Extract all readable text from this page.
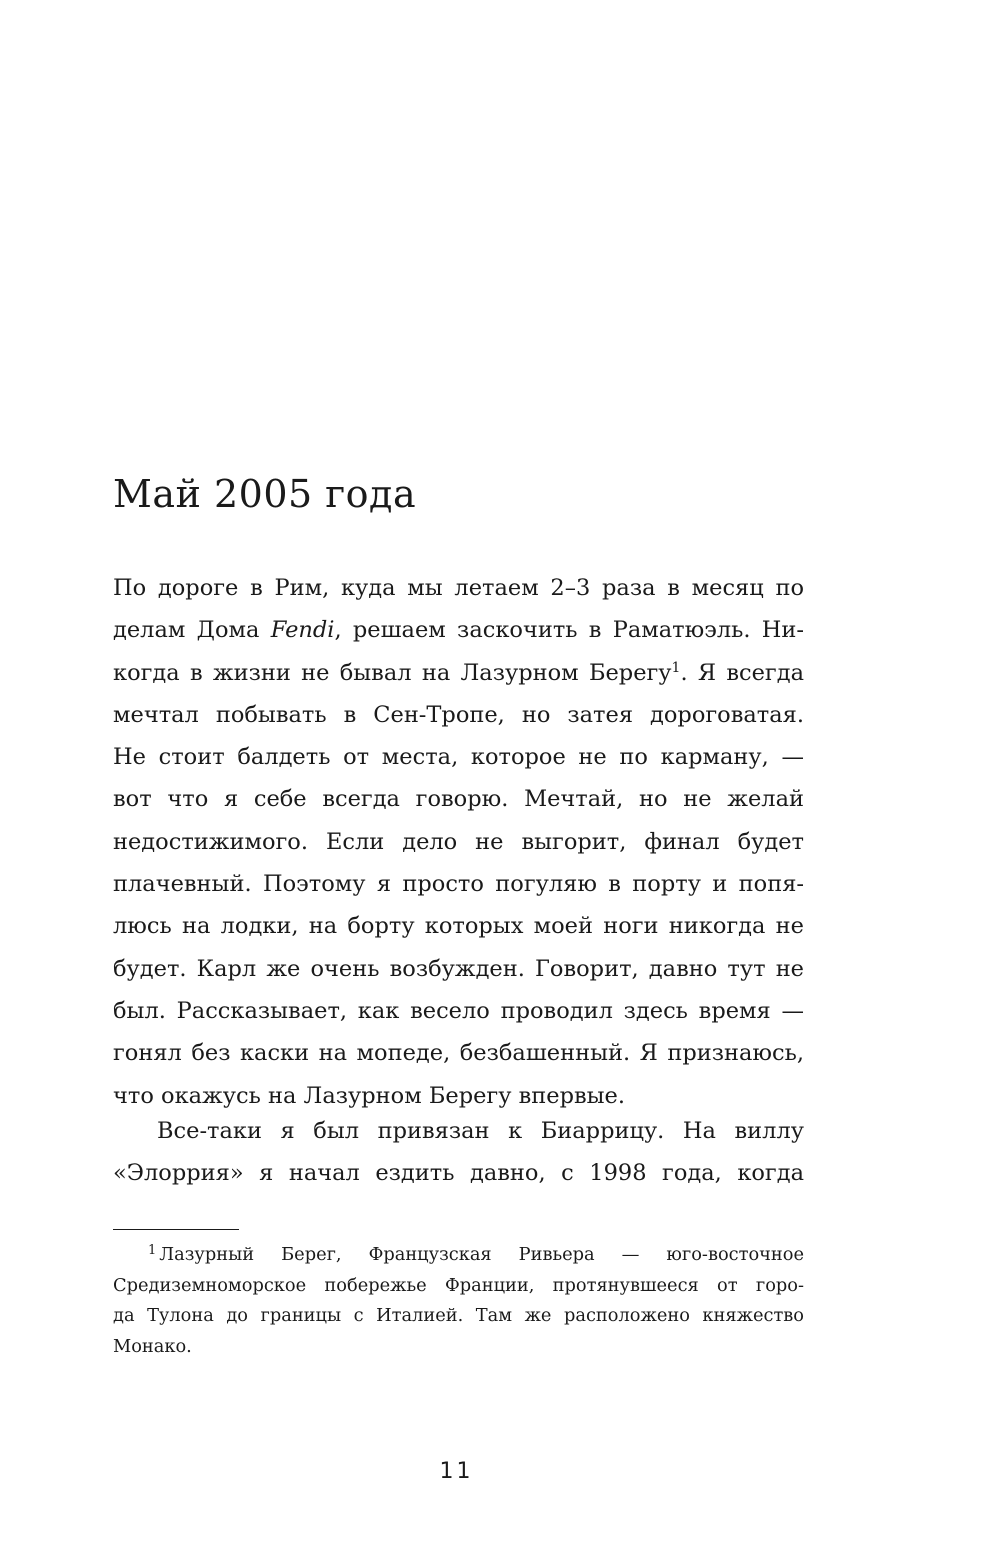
Май 2005 года
По дороге в Рим, куда мы летаем 2–3 раза в месяц по
делам Дома Fendi, решаем заскочить в Раматюэль. Ни-
когда в жизни не бывал на Лазурном Берегу$^1$. Я всегда
мечтал побывать в Сен-Тропе, но затея дороговатая.
Не стоит балдеть от места, которое не по карману, —
вот что я себе всегда говорю. Мечтай, но не желай
недостижимого. Если дело не выгорит, финал будет
плачевный. Поэтому я просто погуляю в порту и попя-
люсь на лодки, на борту которых моей ноги никогда не
будет. Карл же очень возбужден. Говорит, давно тут не
был. Рассказывает, как весело проводил здесь время —
гонял без каски на мопеде, безбашенный. Я признаюсь,
что окажусь на Лазурном Берегу впервые.
Все-таки я был привязан к Биаррицу. На виллу
«Элоррия» я начал ездить давно, с 1998 года, когда
$^1$ Лазурный Берег, Французская Ривьера — юго-восточное
Средиземноморское побережье Франции, протянувшееся от горо-
да Тулона до границы с Италией. Там же расположено княжество
Монако.
11
